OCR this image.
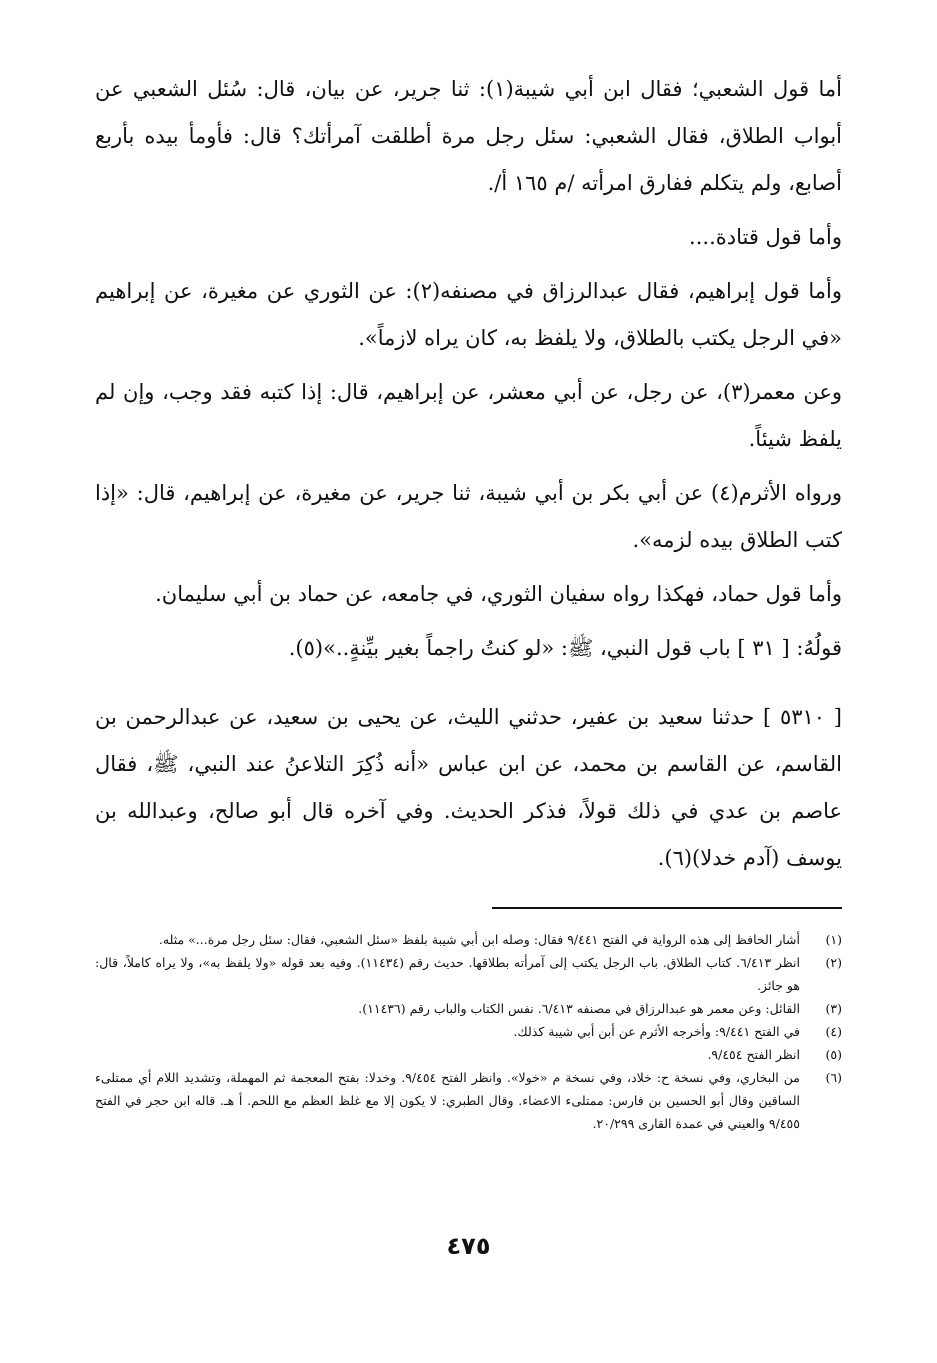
أما قول الشعبي؛ فقال ابن أبي شيبة(١): ثنا جرير، عن بيان، قال: سُئل الشعبي عن أبواب الطلاق، فقال الشعبي: سئل رجل مرة أطلقت آمرأتك؟ قال: فأومأ بيده بأربع أصابع، ولم يتكلم ففارق امرأته /م ١٦٥ أ/.

وأما قول قتادة....

وأما قول إبراهيم، فقال عبدالرزاق في مصنفه(٢): عن الثوري عن مغيرة، عن إبراهيم «في الرجل يكتب بالطلاق، ولا يلفظ به، كان يراه لازماً».

وعن معمر(٣)، عن رجل، عن أبي معشر، عن إبراهيم، قال: إذا كتبه فقد وجب، وإن لم يلفظ شيئاً.

ورواه الأثرم(٤) عن أبي بكر بن أبي شيبة، ثنا جرير، عن مغيرة، عن إبراهيم، قال: «إذا كتب الطلاق بيده لزمه».

وأما قول حماد، فهكذا رواه سفيان الثوري، في جامعه، عن حماد بن أبي سليمان.

قولُهُ: [ ٣١ ] باب قول النبي، ﷺ: «لو كنتُ راجماً بغير بيِّنةٍ..»(٥).

[ ٥٣١٠ ] حدثنا سعيد بن عفير، حدثني الليث، عن يحيى بن سعيد، عن عبدالرحمن بن القاسم، عن القاسم بن محمد، عن ابن عباس «أنه ذُكِرَ التلاعنُ عند النبي، ﷺ، فقال عاصم بن عدي في ذلك قولاً، فذكر الحديث. وفي آخره قال أبو صالح، وعبدالله بن يوسف (آدم خدلا)(٦).

(١)
أشار الحافظ إلى هذه الرواية في الفتح ٩/٤٤١ فقال: وصله ابن أبي شيبة بلفظ «سئل الشعبي، فقال: سئل رجل مرة...» مثله.
(٢)
انظر ٦/٤١٣. كتاب الطلاق. باب الرجل يكتب إلى آمرأته بطلاقها. حديث رقم (١١٤٣٤). وفيه بعد قوله «ولا يلفظ به»، ولا يراه كاملاً، قال: هو جائز.
(٣)
القائل: وعن معمر هو عبدالرزاق في مصنفه ٦/٤١٣. نفس الكتاب والباب رقم (١١٤٣٦).
(٤)
في الفتح ٩/٤٤١: وأخرجه الأثرم عن أبن أبي شيبة كذلك.
(٥)
انظر الفتح ٩/٤٥٤.
(٦)
من البخاري، وفي نسخة ح: خلاد، وفي نسخة م «خولا». وانظر الفتح ٩/٤٥٤. وخدلا: بفتح المعجمة ثم المهملة، وتشديد اللام أي ممتلىء الساقين وقال أبو الحسين بن فارس: ممتلىء الاعضاء. وقال الطبري: لا يكون إلا مع غلظ العظم مع اللحم. أ هـ. قاله ابن حجر في الفتح ٩/٤٥٥ والعيني في عمدة القارى ٢٠/٢٩٩.
٤٧٥
